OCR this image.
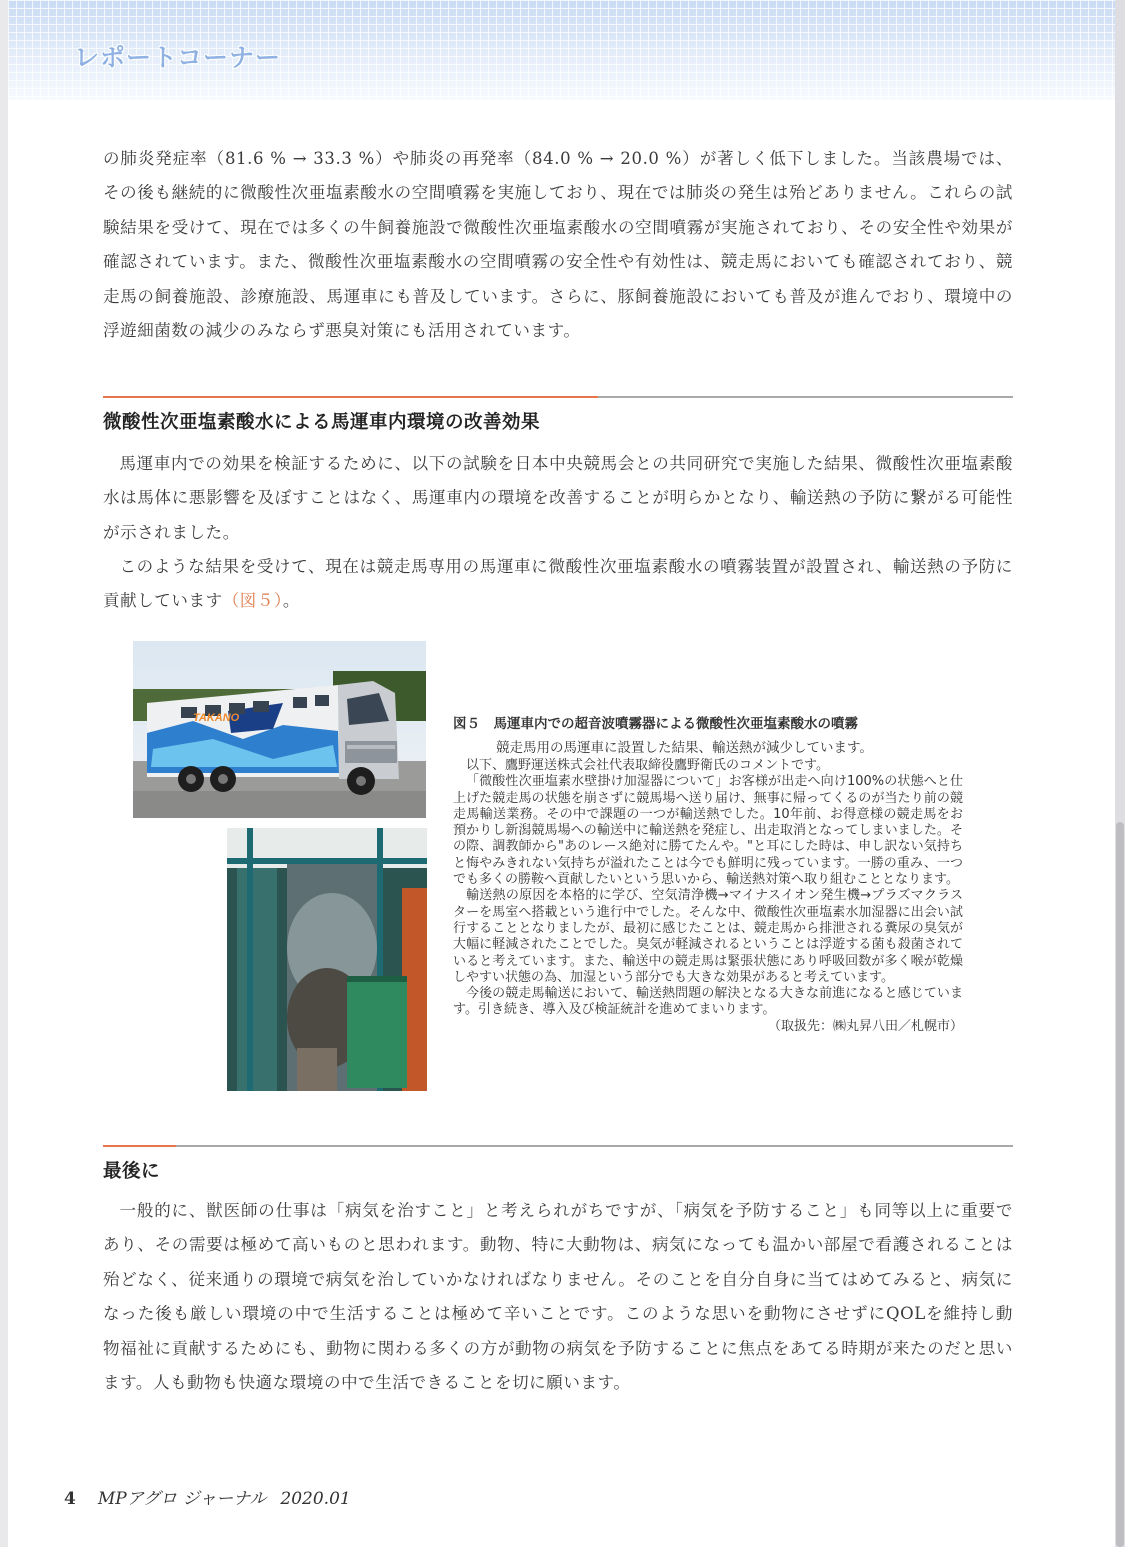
レポートコーナー

の肺炎発症率（81.6 % → 33.3 %）や肺炎の再発率（84.0 % → 20.0 %）が著しく低下しました。当該農場では、その後も継続的に微酸性次亜塩素酸水の空間噴霧を実施しており、現在では肺炎の発生は殆どありません。これらの試験結果を受けて、現在では多くの牛飼養施設で微酸性次亜塩素酸水の空間噴霧が実施されており、その安全性や効果が確認されています。また、微酸性次亜塩素酸水の空間噴霧の安全性や有効性は、競走馬においても確認されており、競走馬の飼養施設、診療施設、馬運車にも普及しています。さらに、豚飼養施設においても普及が進んでおり、環境中の浮遊細菌数の減少のみならず悪臭対策にも活用されています。

微酸性次亜塩素酸水による馬運車内環境の改善効果

馬運車内での効果を検証するために、以下の試験を日本中央競馬会との共同研究で実施した結果、微酸性次亜塩素酸水は馬体に悪影響を及ぼすことはなく、馬運車内の環境を改善することが明らかとなり、輸送熱の予防に繋がる可能性が示されました。

このような結果を受けて、現在は競走馬専用の馬運車に微酸性次亜塩素酸水の噴霧装置が設置され、輸送熱の予防に貢献しています（図５）。

TAKANO	図５　馬運車内での超音波噴霧器による微酸性次亜塩素酸水の噴霧
競走馬用の馬運車に設置した結果、輸送熱が減少しています。

以下、鷹野運送株式会社代表取締役鷹野衛氏のコメントです。

「微酸性次亜塩素水壁掛け加湿器について」お客様が出走へ向け100%の状態へと仕上げた競走馬の状態を崩さずに競馬場へ送り届け、無事に帰ってくるのが当たり前の競走馬輸送業務。その中で課題の一つが輸送熱でした。10年前、お得意様の競走馬をお預かりし新潟競馬場への輸送中に輸送熱を発症し、出走取消となってしまいました。その際、調教師から"あのレース絶対に勝てたんや。"と耳にした時は、申し訳ない気持ちと悔やみきれない気持ちが溢れたことは今でも鮮明に残っています。一勝の重み、一つでも多くの勝鞍へ貢献したいという思いから、輸送熱対策へ取り組むこととなります。

輸送熱の原因を本格的に学び、空気清浄機→マイナスイオン発生機→プラズマクラスターを馬室へ搭載という進行中でした。そんな中、微酸性次亜塩素水加湿器に出会い試行することとなりましたが、最初に感じたことは、競走馬から排泄される糞尿の臭気が大幅に軽減されたことでした。臭気が軽減されるということは浮遊する菌も殺菌されていると考えています。また、輸送中の競走馬は緊張状態にあり呼吸回数が多く喉が乾燥しやすい状態の為、加湿という部分でも大きな効果があると考えています。

今後の競走馬輸送において、輸送熱問題の解決となる大きな前進になると感じています。引き続き、導入及び検証統計を進めてまいります。

（取扱先：㈱丸昇八田／札幌市）

最後に

一般的に、獣医師の仕事は「病気を治すこと」と考えられがちですが、「病気を予防すること」も同等以上に重要であり、その需要は極めて高いものと思われます。動物、特に大動物は、病気になっても温かい部屋で看護されることは殆どなく、従来通りの環境で病気を治していかなければなりません。そのことを自分自身に当てはめてみると、病気になった後も厳しい環境の中で生活することは極めて辛いことです。このような思いを動物にさせずにQOLを維持し動物福祉に貢献するためにも、動物に関わる多くの方が動物の病気を予防することに焦点をあてる時期が来たのだと思います。人も動物も快適な環境の中で生活できることを切に願います。

4 MPアグロ ジャーナル 2020.01
